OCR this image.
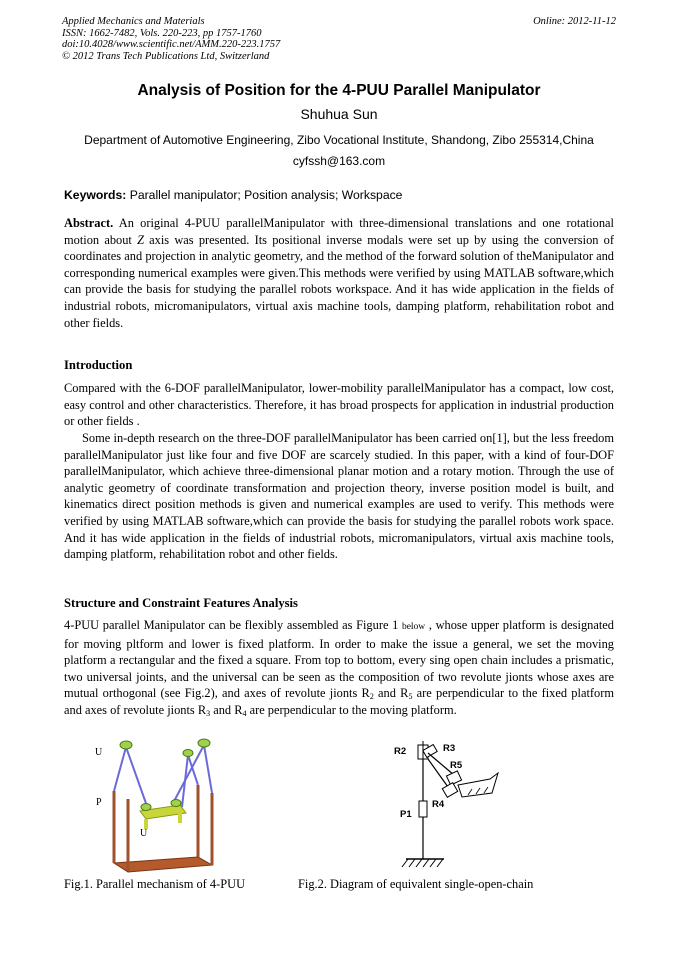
Applied Mechanics and Materials
ISSN: 1662-7482, Vols. 220-223, pp 1757-1760
doi:10.4028/www.scientific.net/AMM.220-223.1757
© 2012 Trans Tech Publications Ltd, Switzerland
Online: 2012-11-12
Analysis of Position for the 4-PUU Parallel Manipulator
Shuhua Sun
Department of Automotive Engineering, Zibo Vocational Institute, Shandong, Zibo 255314,China
cyfssh@163.com
Keywords: Parallel manipulator; Position analysis; Workspace
Abstract. An original 4-PUU parallelManipulator with three-dimensional translations and one rotational motion about Z axis was presented. Its positional inverse modals were set up by using the conversion of coordinates and projection in analytic geometry, and the method of the forward solution of theManipulator and corresponding numerical examples were given.This methods were verified by using MATLAB software,which can provide the basis for studying the parallel robots workspace. And it has wide application in the fields of industrial robots, micromanipulators, virtual axis machine tools, damping platform, rehabilitation robot and other fields.
Introduction
Compared with the 6-DOF parallelManipulator, lower-mobility parallelManipulator has a compact, low cost, easy control and other characteristics. Therefore, it has broad prospects for application in industrial production or other fields .
Some in-depth research on the three-DOF parallelManipulator has been carried on[1], but the less freedom parallelManipulator just like four and five DOF are scarcely studied. In this paper, with a kind of four-DOF parallelManipulator, which achieve three-dimensional planar motion and a rotary motion. Through the use of analytic geometry of coordinate transformation and projection theory, inverse position model is built, and kinematics direct position methods is given and numerical examples are used to verify. This methods were verified by using MATLAB software,which can provide the basis for studying the parallel robots work space. And it has wide application in the fields of industrial robots, micromanipulators, virtual axis machine tools, damping platform, rehabilitation robot and other fields.
Structure and Constraint Features Analysis
4-PUU parallel Manipulator can be flexibly assembled as Figure 1 below , whose upper platform is designated for moving pltform and lower is fixed platform. In order to make the issue a general, we set the moving platform a rectangular and the fixed a square. From top to bottom, every sing open chain includes a prismatic, two universal joints, and the universal can be seen as the composition of two revolute jionts whose axes are mutual orthogonal (see Fig.2), and axes of revolute jionts $R_2$ and $R_5$ are perpendicular to the fixed platform and axes of revolute jionts $R_3$ and $R_4$ are perpendicular to the moving platform.
U
P
U
R2	R3
R5
R4
P1
Fig.1. Parallel mechanism of 4-PUU	Fig.2. Diagram of equivalent single-open-chain
